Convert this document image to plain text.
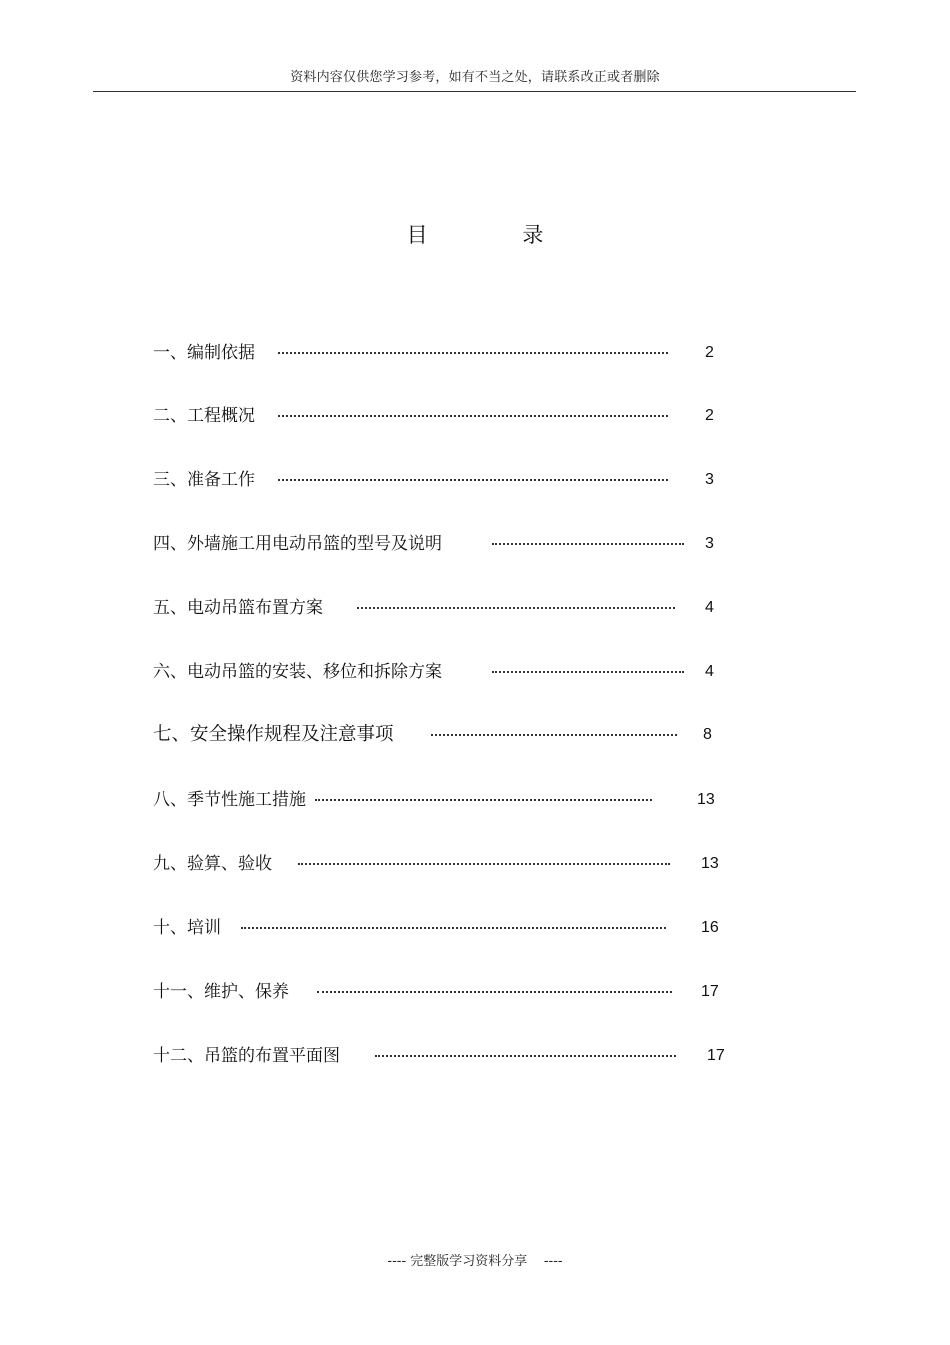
资料内容仅供您学习参考，如有不当之处，请联系改正或者删除
目 录
一、编制依据	2
二、工程概况	2
三、准备工作	3
四、外墙施工用电动吊篮的型号及说明	3
五、电动吊篮布置方案	4
六、电动吊篮的安装、移位和拆除方案	4
七、安全操作规程及注意事项	8
八、季节性施工措施	13
九、验算、验收	13
十、培训	16
十一、维护、保养	17
十二、吊篮的布置平面图	17
---- 完整版学习资料分享    ----
